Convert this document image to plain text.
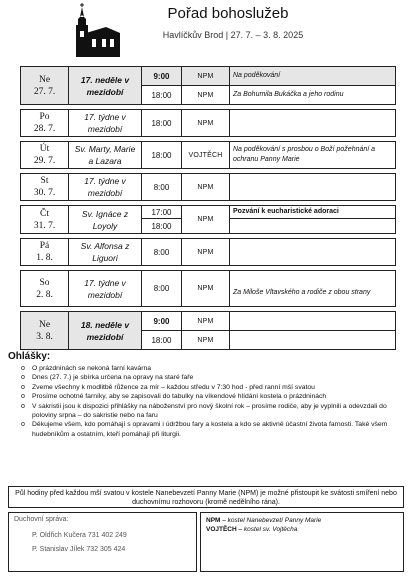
Pořad bohoslužeb
Havlíčkův Brod | 27. 7. – 3. 8. 2025
Ne
27. 7.	17. neděle v mezidobí	9:00	NPM	Na poděkování
		18:00	NPM	Za Bohumila Bukáčka a jeho rodinu

Po
28. 7.	17. týdne v mezidobí	18:00	NPM	

Út
29. 7.	Sv. Marty, Marie a Lazara	18:00	VOJTĚCH	Na poděkování s prosbou o Boží požehnání a ochranu Panny Marie

St
30. 7.	17. týdne v mezidobí	8:00	NPM	

Čt
31. 7.	Sv. Ignáce z Loyoly	17:00	NPM	Pozvání k eucharistické adoraci
		18:00		

Pá
1. 8.	Sv. Alfonsa z Liguori	8:00	NPM	

So
2. 8.	17. týdne v mezidobí	8:00	NPM	Za Miloše Vltavského a rodiče z obou strany

Ne
3. 8.	18. neděle v mezidobí	9:00	NPM	
		18:00	NPM	
Ohlášky:
o O prázdninách se nekoná farní kavárna
o Dnes (27. 7.) je sbírka určena na opravy na staré faře
o Zveme všechny k modlitbě růžence za mír – každou středu v 7:30 hod - před ranní mší svatou
o Prosíme ochotné farníky, aby se zapisovali do tabulky na víkendové hlídání kostela o prázdninách
o V sakristii jsou k dispozici přihlášky na náboženství pro nový školní rok – prosíme rodiče, aby je vyplnili a odevzdali do poloviny srpna – do sakristie nebo na faru
o Děkujeme všem, kdo pomáhají s opravami i údržbou fary a kostela a kdo se aktivně účastní života farnosti. Také všem hudebníkům a ostatním, kteří pomáhají při liturgii.
Půl hodiny před každou mší svatou v kostele Nanebevzetí Panny Marie (NPM) je možné přistoupit ke svátosti smíření nebo duchovnímu rozhovoru (kromě nedělního rána).
Duchovní správa:
P. Oldřich Kučera 731 402 249
P. Stanislav Jílek 732 305 424
NPM – kostel Nanebevzetí Panny Marie
VOJTĚCH – kostel sv. Vojtěcha
